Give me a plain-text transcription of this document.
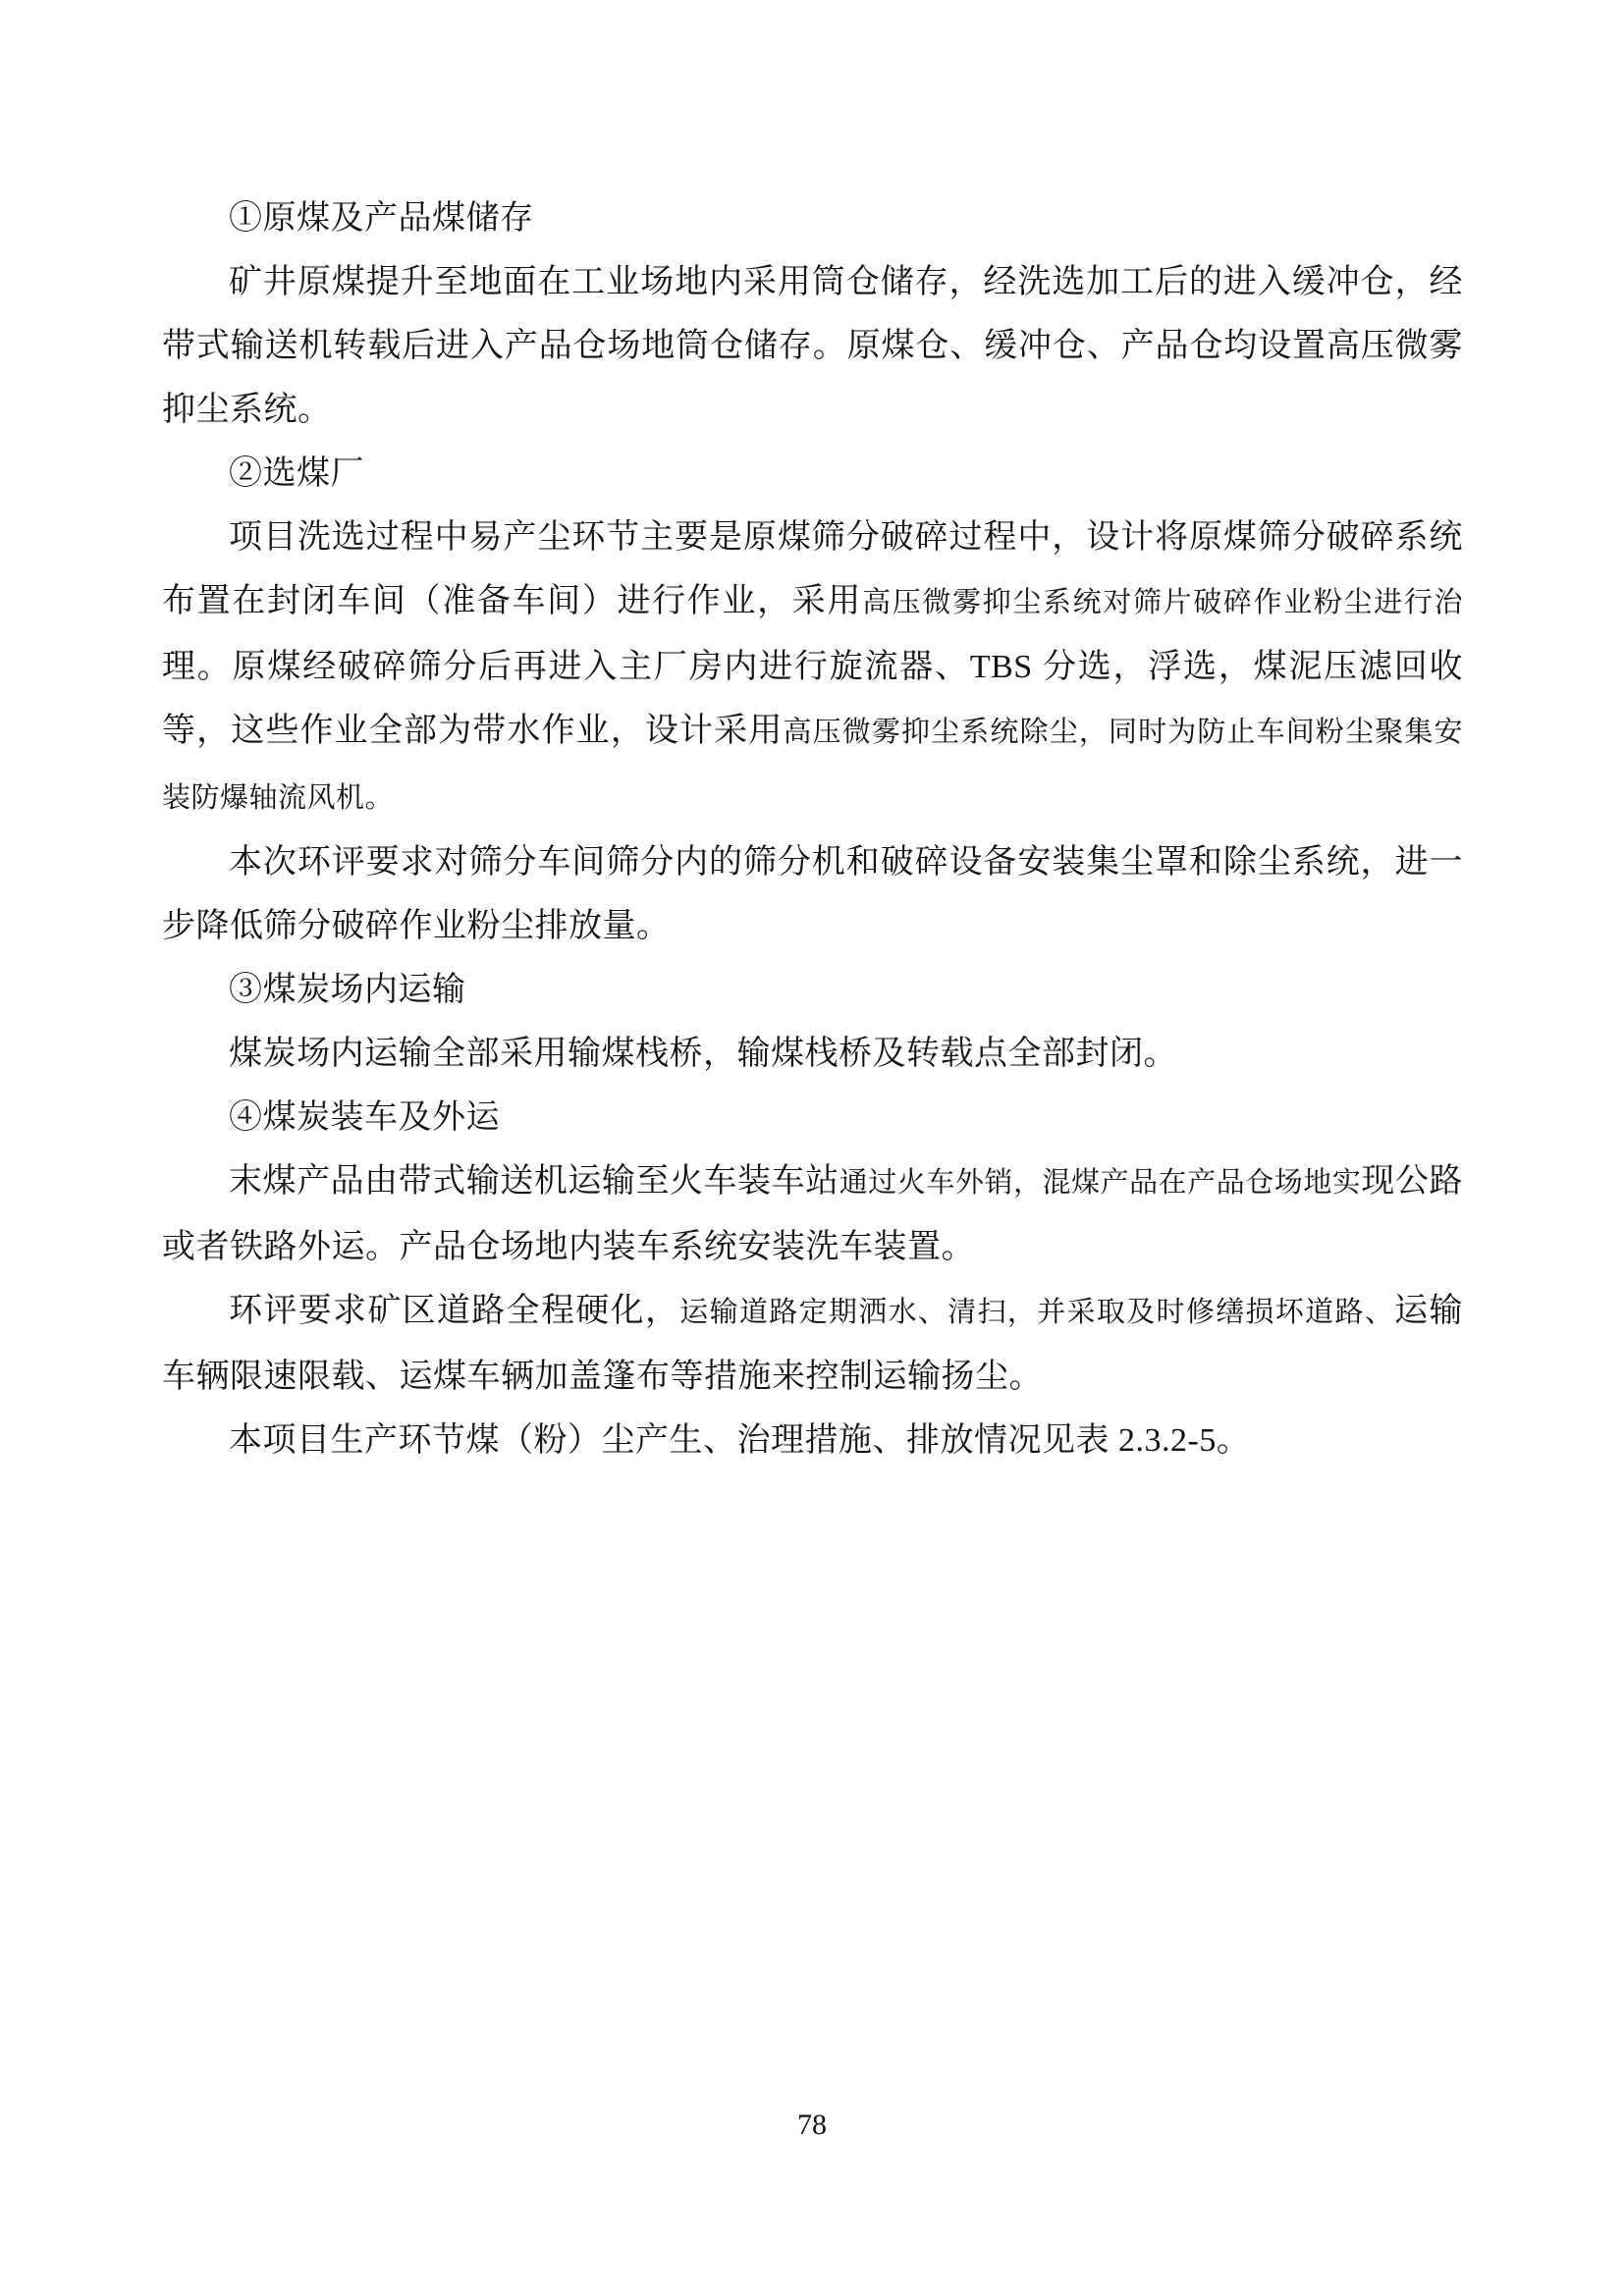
①原煤及产品煤储存

矿井原煤提升至地面在工业场地内采用筒仓储存，经洗选加工后的进入缓冲仓，经带式输送机转载后进入产品仓场地筒仓储存。原煤仓、缓冲仓、产品仓均设置高压微雾抑尘系统。

②选煤厂

项目洗选过程中易产尘环节主要是原煤筛分破碎过程中，设计将原煤筛分破碎系统布置在封闭车间（准备车间）进行作业，采用高压微雾抑尘系统对筛片破碎作业粉尘进行治理。原煤经破碎筛分后再进入主厂房内进行旋流器、TBS 分选，浮选，煤泥压滤回收等，这些作业全部为带水作业，设计采用高压微雾抑尘系统除尘，同时为防止车间粉尘聚集安装防爆轴流风机。

本次环评要求对筛分车间筛分内的筛分机和破碎设备安装集尘罩和除尘系统，进一步降低筛分破碎作业粉尘排放量。

③煤炭场内运输

煤炭场内运输全部采用输煤栈桥，输煤栈桥及转载点全部封闭。

④煤炭装车及外运

末煤产品由带式输送机运输至火车装车站通过火车外销，混煤产品在产品仓场地实现公路或者铁路外运。产品仓场地内装车系统安装洗车装置。

环评要求矿区道路全程硬化，运输道路定期洒水、清扫，并采取及时修缮损坏道路、运输车辆限速限载、运煤车辆加盖篷布等措施来控制运输扬尘。

本项目生产环节煤（粉）尘产生、治理措施、排放情况见表 2.3.2-5。

78
